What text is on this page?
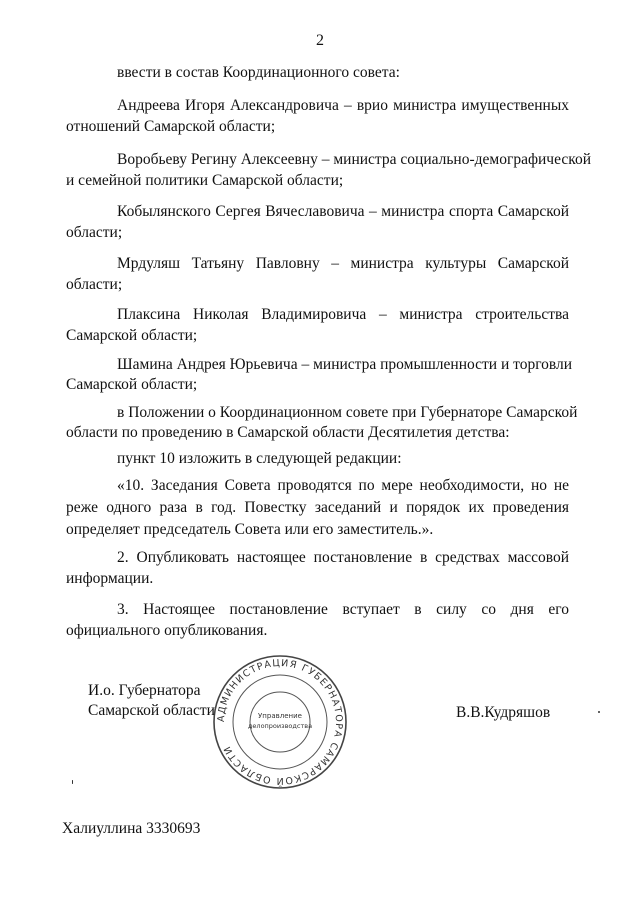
2
ввести в состав Координационного совета:
Андреева Игоря Александровича – врио министра имущественных
отношений Самарской области;
Воробьеву Регину Алексеевну – министра социально-демографической
и семейной политики Самарской области;
Кобылянского Сергея Вячеславовича – министра спорта Самарской
области;
Мрдуляш Татьяну Павловну – министра культуры Самарской
области;
Плаксина Николая Владимировича – министра строительства
Самарской области;
Шамина Андрея Юрьевича – министра промышленности и торговли
Самарской области;
в Положении о Координационном совете при Губернаторе Самарской
области по проведению в Самарской области Десятилетия детства:
пункт 10 изложить в следующей редакции:
«10. Заседания Совета проводятся по мере необходимости, но не
реже одного раза в год. Повестку заседаний и порядок их проведения
определяет председатель Совета или его заместитель.».
2. Опубликовать настоящее постановление в средствах массовой
информации.
3. Настоящее постановление вступает в силу со дня его
официального опубликования.
АДМИНИСТРАЦИЯ ГУБЕРНАТОРА САМАРСКОЙ ОБЛАСТИ
Управление
делопроизводства
И.о. Губернатора
Самарской области	В.В.Кудряшов
Халиуллина 3330693
